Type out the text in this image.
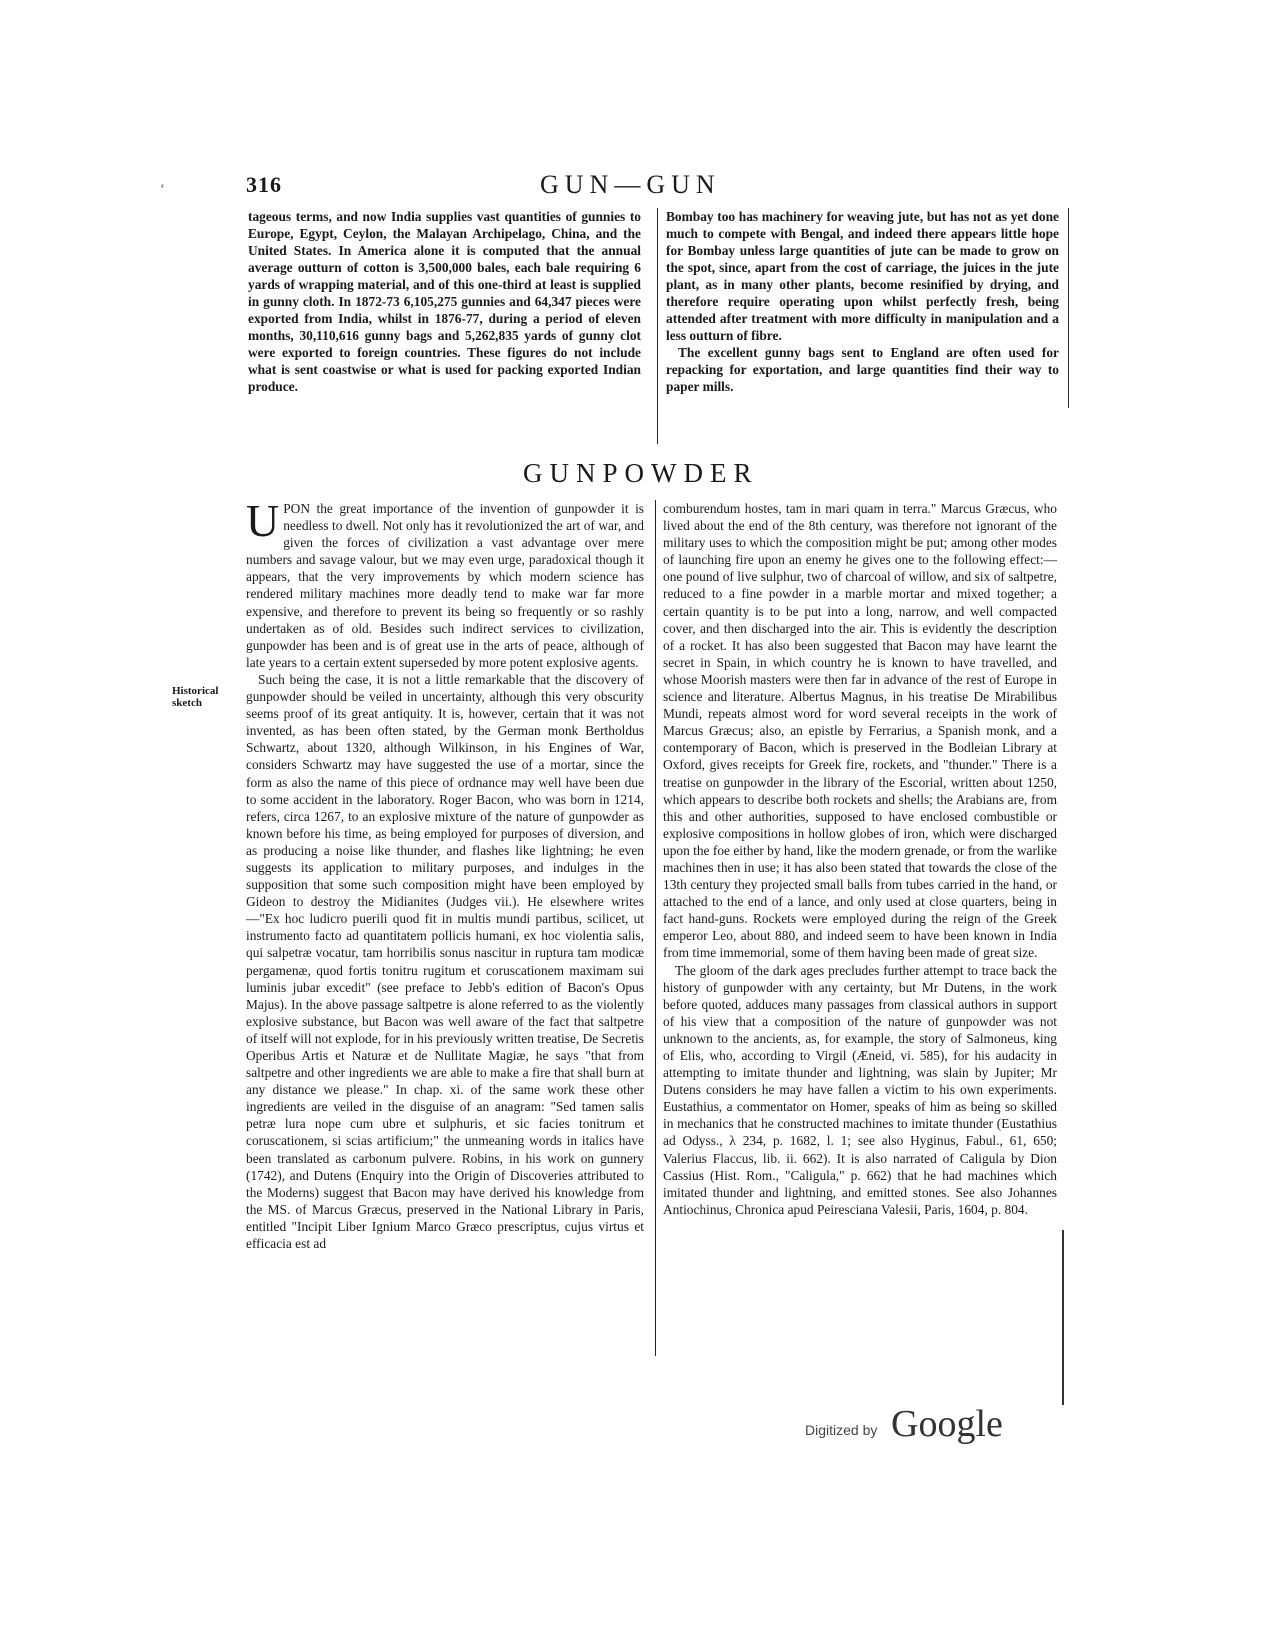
ʻ	316	GUN—GUN

tageous terms, and now India supplies vast quantities of gunnies to Europe, Egypt, Ceylon, the Malayan Archipelago, China, and the United States. In America alone it is computed that the annual average outturn of cotton is 3,500,000 bales, each bale requiring 6 yards of wrapping material, and of this one-third at least is supplied in gunny cloth. In 1872-73 6,105,275 gunnies and 64,347 pieces were exported from India, whilst in 1876-77, during a period of eleven months, 30,110,616 gunny bags and 5,262,835 yards of gunny clot were exported to foreign countries. These figures do not include what is sent coastwise or what is used for packing exported Indian produce.

Bombay too has machinery for weaving jute, but has not as yet done much to compete with Bengal, and indeed there appears little hope for Bombay unless large quantities of jute can be made to grow on the spot, since, apart from the cost of carriage, the juices in the jute plant, as in many other plants, become resinified by drying, and therefore require operating upon whilst perfectly fresh, being attended after treatment with more difficulty in manipulation and a less outturn of fibre.

The excellent gunny bags sent to England are often used for repacking for exportation, and large quantities find their way to paper mills.

GUNPOWDER
Historical sketch

UPON the great importance of the invention of gunpowder it is needless to dwell. Not only has it revolutionized the art of war, and given the forces of civilization a vast advantage over mere numbers and savage valour, but we may even urge, paradoxical though it appears, that the very improvements by which modern science has rendered military machines more deadly tend to make war far more expensive, and therefore to prevent its being so frequently or so rashly undertaken as of old. Besides such indirect services to civilization, gunpowder has been and is of great use in the arts of peace, although of late years to a certain extent superseded by more potent explosive agents.

Such being the case, it is not a little remarkable that the discovery of gunpowder should be veiled in uncertainty, although this very obscurity seems proof of its great antiquity. It is, however, certain that it was not invented, as has been often stated, by the German monk Bertholdus Schwartz, about 1320, although Wilkinson, in his Engines of War, considers Schwartz may have suggested the use of a mortar, since the form as also the name of this piece of ordnance may well have been due to some accident in the laboratory. Roger Bacon, who was born in 1214, refers, circa 1267, to an explosive mixture of the nature of gunpowder as known before his time, as being employed for purposes of diversion, and as producing a noise like thunder, and flashes like lightning; he even suggests its application to military purposes, and indulges in the supposition that some such composition might have been employed by Gideon to destroy the Midianites (Judges vii.). He elsewhere writes —"Ex hoc ludicro puerili quod fit in multis mundi partibus, scilicet, ut instrumento facto ad quantitatem pollicis humani, ex hoc violentia salis, qui salpetræ vocatur, tam horribilis sonus nascitur in ruptura tam modicæ pergamenæ, quod fortis tonitru rugitum et coruscationem maximam sui luminis jubar excedit" (see preface to Jebb's edition of Bacon's Opus Majus). In the above passage saltpetre is alone referred to as the violently explosive substance, but Bacon was well aware of the fact that saltpetre of itself will not explode, for in his previously written treatise, De Secretis Operibus Artis et Naturæ et de Nullitate Magiæ, he says "that from saltpetre and other ingredients we are able to make a fire that shall burn at any distance we please." In chap. xi. of the same work these other ingredients are veiled in the disguise of an anagram: "Sed tamen salis petræ lura nope cum ubre et sulphuris, et sic facies tonitrum et coruscationem, si scias artificium;" the unmeaning words in italics have been translated as carbonum pulvere. Robins, in his work on gunnery (1742), and Dutens (Enquiry into the Origin of Discoveries attributed to the Moderns) suggest that Bacon may have derived his knowledge from the MS. of Marcus Græcus, preserved in the National Library in Paris, entitled "Incipit Liber Ignium Marco Græco prescriptus, cujus virtus et efficacia est ad

comburendum hostes, tam in mari quam in terra." Marcus Græcus, who lived about the end of the 8th century, was therefore not ignorant of the military uses to which the composition might be put; among other modes of launching fire upon an enemy he gives one to the following effect:— one pound of live sulphur, two of charcoal of willow, and six of saltpetre, reduced to a fine powder in a marble mortar and mixed together; a certain quantity is to be put into a long, narrow, and well compacted cover, and then discharged into the air. This is evidently the description of a rocket. It has also been suggested that Bacon may have learnt the secret in Spain, in which country he is known to have travelled, and whose Moorish masters were then far in advance of the rest of Europe in science and literature. Albertus Magnus, in his treatise De Mirabilibus Mundi, repeats almost word for word several receipts in the work of Marcus Græcus; also, an epistle by Ferrarius, a Spanish monk, and a contemporary of Bacon, which is preserved in the Bodleian Library at Oxford, gives receipts for Greek fire, rockets, and "thunder." There is a treatise on gunpowder in the library of the Escorial, written about 1250, which appears to describe both rockets and shells; the Arabians are, from this and other authorities, supposed to have enclosed combustible or explosive compositions in hollow globes of iron, which were discharged upon the foe either by hand, like the modern grenade, or from the warlike machines then in use; it has also been stated that towards the close of the 13th century they projected small balls from tubes carried in the hand, or attached to the end of a lance, and only used at close quarters, being in fact hand-guns. Rockets were employed during the reign of the Greek emperor Leo, about 880, and indeed seem to have been known in India from time immemorial, some of them having been made of great size.

The gloom of the dark ages precludes further attempt to trace back the history of gunpowder with any certainty, but Mr Dutens, in the work before quoted, adduces many passages from classical authors in support of his view that a composition of the nature of gunpowder was not unknown to the ancients, as, for example, the story of Salmoneus, king of Elis, who, according to Virgil (Æneid, vi. 585), for his audacity in attempting to imitate thunder and lightning, was slain by Jupiter; Mr Dutens considers he may have fallen a victim to his own experiments. Eustathius, a commentator on Homer, speaks of him as being so skilled in mechanics that he constructed machines to imitate thunder (Eustathius ad Odyss., λ 234, p. 1682, l. 1; see also Hyginus, Fabul., 61, 650; Valerius Flaccus, lib. ii. 662). It is also narrated of Caligula by Dion Cassius (Hist. Rom., "Caligula," p. 662) that he had machines which imitated thunder and lightning, and emitted stones. See also Johannes Antiochinus, Chronica apud Peiresciana Valesii, Paris, 1604, p. 804.

Digitized by Google
